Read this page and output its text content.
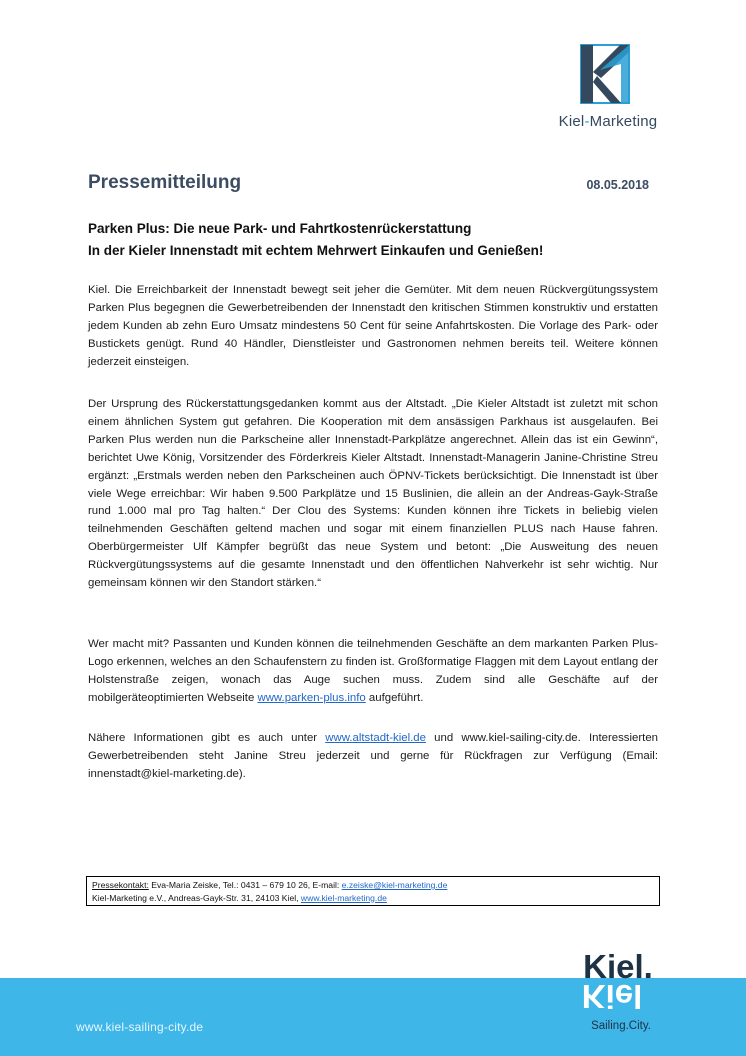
Kiel-Marketing
Pressemitteilung	08.05.2018
Parken Plus: Die neue Park- und Fahrtkostenrückerstattung
In der Kieler Innenstadt mit echtem Mehrwert Einkaufen und Genießen!
Kiel. Die Erreichbarkeit der Innenstadt bewegt seit jeher die Gemüter. Mit dem neuen Rückvergütungssystem Parken Plus begegnen die Gewerbetreibenden der Innenstadt den kritischen Stimmen konstruktiv und erstatten jedem Kunden ab zehn Euro Umsatz mindestens 50 Cent für seine Anfahrtskosten. Die Vorlage des Park- oder Bustickets genügt. Rund 40 Händler, Dienstleister und Gastronomen nehmen bereits teil. Weitere können jederzeit einsteigen.
Der Ursprung des Rückerstattungsgedanken kommt aus der Altstadt. „Die Kieler Altstadt ist zuletzt mit schon einem ähnlichen System gut gefahren. Die Kooperation mit dem ansässigen Parkhaus ist ausgelaufen. Bei Parken Plus werden nun die Parkscheine aller Innenstadt-Parkplätze angerechnet. Allein das ist ein Gewinn“, berichtet Uwe König, Vorsitzender des Förderkreis Kieler Altstadt. Innenstadt-Managerin Janine-Christine Streu ergänzt: „Erstmals werden neben den Parkscheinen auch ÖPNV-Tickets berücksichtigt. Die Innenstadt ist über viele Wege erreichbar: Wir haben 9.500 Parkplätze und 15 Buslinien, die allein an der Andreas-Gayk-Straße rund 1.000 mal pro Tag halten.“ Der Clou des Systems: Kunden können ihre Tickets in beliebig vielen teilnehmenden Geschäften geltend machen und sogar mit einem finanziellen PLUS nach Hause fahren. Oberbürgermeister Ulf Kämpfer begrüßt das neue System und betont: „Die Ausweitung des neuen Rückvergütungssystems auf die gesamte Innenstadt und den öffentlichen Nahverkehr ist sehr wichtig. Nur gemeinsam können wir den Standort stärken.“
Wer macht mit? Passanten und Kunden können die teilnehmenden Geschäfte an dem markanten Parken Plus-Logo erkennen, welches an den Schaufenstern zu finden ist. Großformatige Flaggen mit dem Layout entlang der Holstenstraße zeigen, wonach das Auge suchen muss. Zudem sind alle Geschäfte auf der mobilgeräteoptimierten Webseite www.parken-plus.info aufgeführt.
Nähere Informationen gibt es auch unter www.altstadt-kiel.de und www.kiel-sailing-city.de. Interessierten Gewerbetreibenden steht Janine Streu jederzeit und gerne für Rückfragen zur Verfügung (Email: innenstadt@kiel-marketing.de).
Pressekontakt: Eva-Maria Zeiske, Tel.: 0431 – 679 10 26, E-mail: e.zeiske@kiel-marketing.de
Kiel-Marketing e.V., Andreas-Gayk-Str. 31, 24103 Kiel, www.kiel-marketing.de
www.kiel-sailing-city.de
Kiel.
Kiel
Sailing.City.
